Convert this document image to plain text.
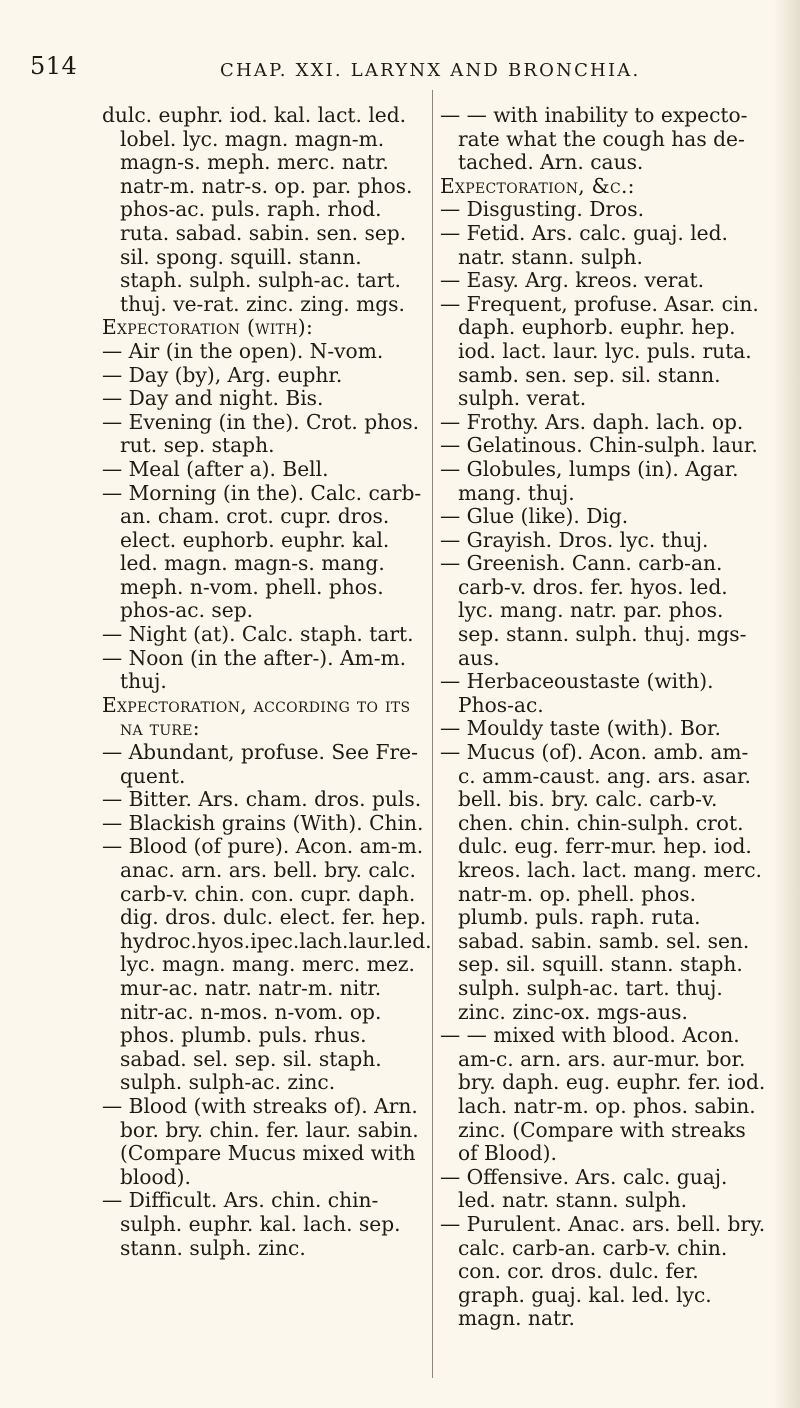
514	CHAP. XXI. LARYNX AND BRONCHIA.

dulc. euphr. iod. kal. lact. led. lobel. lyc. magn. magn-m. magn-s. meph. merc. natr. natr-m. natr-s. op. par. phos. phos-ac. puls. raph. rhod. ruta. sabad. sabin. sen. sep. sil. spong. squill. stann. staph. sulph. sulph-ac. tart. thuj. ve-rat. zinc. zing. mgs.

Expectoration (with):

— Air (in the open). N-vom.

— Day (by), Arg. euphr.

— Day and night. Bis.

— Evening (in the). Crot. phos. rut. sep. staph.

— Meal (after a). Bell.

— Morning (in the). Calc. carb-an. cham. crot. cupr. dros. elect. euphorb. euphr. kal. led. magn. magn-s. mang. meph. n-vom. phell. phos. phos-ac. sep.

— Night (at). Calc. staph. tart.

— Noon (in the after-). Am-m. thuj.

Expectoration, according to its na ture:

— Abundant, profuse. See Fre-quent.

— Bitter. Ars. cham. dros. puls.

— Blackish grains (With). Chin.

— Blood (of pure). Acon. am-m. anac. arn. ars. bell. bry. calc. carb-v. chin. con. cupr. daph. dig. dros. dulc. elect. fer. hep. hydroc.hyos.ipec.lach.laur.led. lyc. magn. mang. merc. mez. mur-ac. natr. natr-m. nitr. nitr-ac. n-mos. n-vom. op. phos. plumb. puls. rhus. sabad. sel. sep. sil. staph. sulph. sulph-ac. zinc.

— Blood (with streaks of). Arn. bor. bry. chin. fer. laur. sabin. (Compare Mucus mixed with blood).

— Difficult. Ars. chin. chin-sulph. euphr. kal. lach. sep. stann. sulph. zinc.

— — with inability to expecto-rate what the cough has de-tached. Arn. caus.

Expectoration, &c.:

— Disgusting. Dros.

— Fetid. Ars. calc. guaj. led. natr. stann. sulph.

— Easy. Arg. kreos. verat.

— Frequent, profuse. Asar. cin. daph. euphorb. euphr. hep. iod. lact. laur. lyc. puls. ruta. samb. sen. sep. sil. stann. sulph. verat.

— Frothy. Ars. daph. lach. op.

— Gelatinous. Chin-sulph. laur.

— Globules, lumps (in). Agar. mang. thuj.

— Glue (like). Dig.

— Grayish. Dros. lyc. thuj.

— Greenish. Cann. carb-an. carb-v. dros. fer. hyos. led. lyc. mang. natr. par. phos. sep. stann. sulph. thuj. mgs-aus.

— Herbaceoustaste (with). Phos-ac.

— Mouldy taste (with). Bor.

— Mucus (of). Acon. amb. am-c. amm-caust. ang. ars. asar. bell. bis. bry. calc. carb-v. chen. chin. chin-sulph. crot. dulc. eug. ferr-mur. hep. iod. kreos. lach. lact. mang. merc. natr-m. op. phell. phos. plumb. puls. raph. ruta. sabad. sabin. samb. sel. sen. sep. sil. squill. stann. staph. sulph. sulph-ac. tart. thuj. zinc. zinc-ox. mgs-aus.

— — mixed with blood. Acon. am-c. arn. ars. aur-mur. bor. bry. daph. eug. euphr. fer. iod. lach. natr-m. op. phos. sabin. zinc. (Compare with streaks of Blood).

— Offensive. Ars. calc. guaj. led. natr. stann. sulph.

— Purulent. Anac. ars. bell. bry. calc. carb-an. carb-v. chin. con. cor. dros. dulc. fer. graph. guaj. kal. led. lyc. magn. natr.
